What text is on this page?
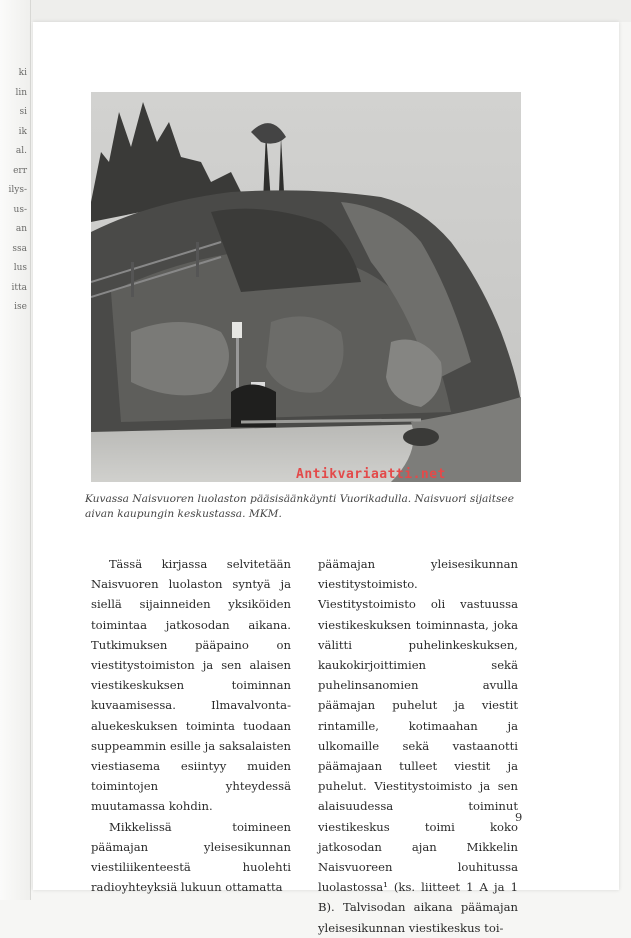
ki
lin
si
ik
al.
err
ilys-
us-
an
ssa
lus
itta
ise
Antikvariaatti.net
Kuvassa Naisvuoren luolaston pääsisäänkäynti Vuorikadulla. Naisvuori sijaitsee aivan kaupungin keskustassa. MKM.

Tässä kirjassa selvitetään Naisvuoren luolaston syntyä ja siellä sijainneiden yksiköiden toimintaa jatkosodan aikana. Tutkimuksen pääpaino on viestitystoimiston ja sen alaisen viestikeskuksen toiminnan kuvaamisessa. Ilmavalvonta-aluekeskuksen toiminta tuodaan suppeammin esille ja saksalaisten viestiasema esiintyy muiden toimintojen yhteydessä muutamassa kohdin.

Mikkelissä toimineen päämajan yleisesikunnan viestiliikenteestä huolehti radioyhteyksiä lukuun ottamatta

päämajan yleisesikunnan viestitystoimisto. Viestitystoimisto oli vastuussa viestikeskuksen toiminnasta, joka välitti puhelinkeskuksen, kaukokirjoittimien sekä puhelinsanomien avulla päämajan puhelut ja viestit rintamille, kotimaahan ja ulkomaille sekä vastaanotti päämajaan tulleet viestit ja puhelut. Viestitystoimisto ja sen alaisuudessa toiminut viestikeskus toimi koko jatkosodan ajan Mikkelin Naisvuoreen louhitussa luolastossa¹ (ks. liitteet 1 A ja 1 B). Talvisodan aikana päämajan yleisesikunnan viestikeskus toi-

9
